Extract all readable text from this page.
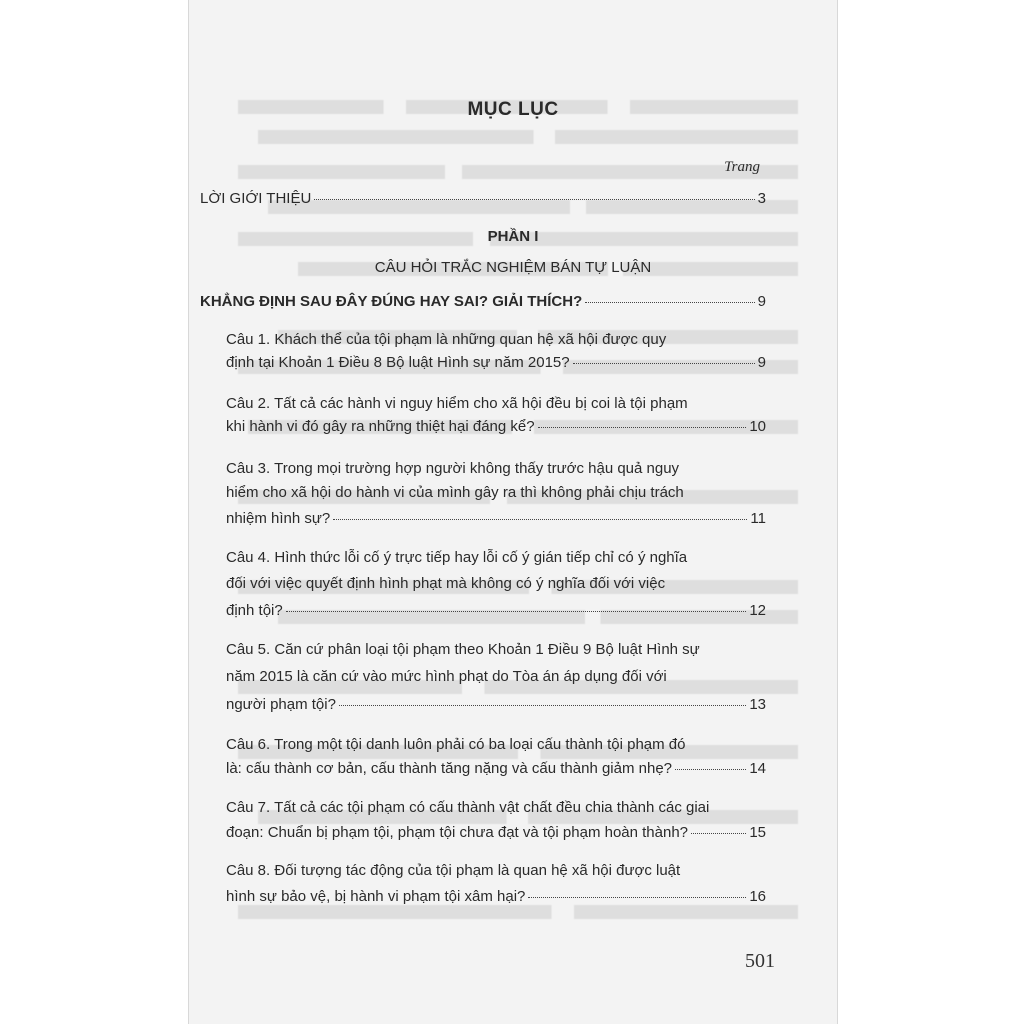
MỤC LỤC
Trang
LỜI GIỚI THIỆU	3
PHẦN I
CÂU HỎI TRẮC NGHIỆM BÁN TỰ LUẬN
KHẲNG ĐỊNH SAU ĐÂY ĐÚNG HAY SAI? GIẢI THÍCH?	9
Câu 1. Khách thể của tội phạm là những quan hệ xã hội được quy
định tại Khoản 1 Điều 8 Bộ luật Hình sự năm 2015?	9
Câu 2. Tất cả các hành vi nguy hiểm cho xã hội đều bị coi là tội phạm
khi hành vi đó gây ra những thiệt hại đáng kể?	10
Câu 3. Trong mọi trường hợp người không thấy trước hậu quả nguy
hiểm cho xã hội do hành vi của mình gây ra thì không phải chịu trách
nhiệm hình sự?	11
Câu 4. Hình thức lỗi cố ý trực tiếp hay lỗi cố ý gián tiếp chỉ có ý nghĩa
đối với việc quyết định hình phạt mà không có ý nghĩa đối với việc
định tội?	12
Câu 5. Căn cứ phân loại tội phạm theo Khoản 1 Điều 9 Bộ luật Hình sự
năm 2015 là căn cứ vào mức hình phạt do Tòa án áp dụng đối với
người phạm tội?	13
Câu 6. Trong một tội danh luôn phải có ba loại cấu thành tội phạm đó
là: cấu thành cơ bản, cấu thành tăng nặng và cấu thành giảm nhẹ?	14
Câu 7. Tất cả các tội phạm có cấu thành vật chất đều chia thành các giai
đoạn: Chuẩn bị phạm tội, phạm tội chưa đạt và tội phạm hoàn thành?	15
Câu 8. Đối tượng tác động của tội phạm là quan hệ xã hội được luật
hình sự bảo vệ, bị hành vi phạm tội xâm hại?	16
501
